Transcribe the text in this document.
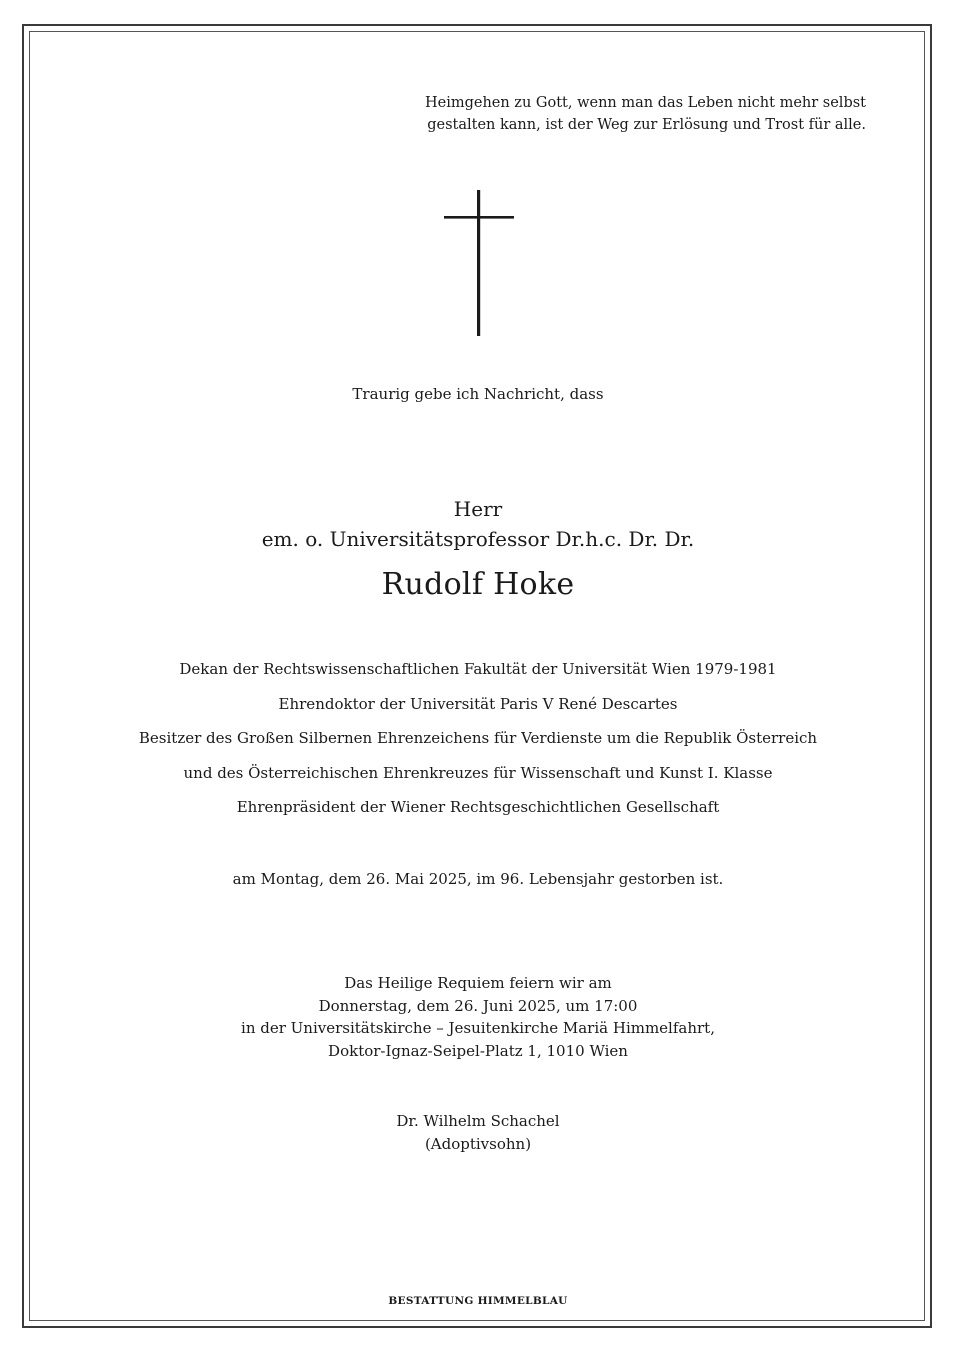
Heimgehen zu Gott, wenn man das Leben nicht mehr selbst
gestalten kann, ist der Weg zur Erlösung und Trost für alle.
Traurig gebe ich Nachricht, dass
Herr
em. o. Universitätsprofessor Dr.h.c. Dr. Dr.
Rudolf Hoke
Dekan der Rechtswissenschaftlichen Fakultät der Universität Wien 1979-1981
Ehrendoktor der Universität Paris V René Descartes
Besitzer des Großen Silbernen Ehrenzeichens für Verdienste um die Republik Österreich
und des Österreichischen Ehrenkreuzes für Wissenschaft und Kunst I. Klasse
Ehrenpräsident der Wiener Rechtsgeschichtlichen Gesellschaft
am Montag, dem 26. Mai 2025, im 96. Lebensjahr gestorben ist.
Das Heilige Requiem feiern wir am
Donnerstag, dem 26. Juni 2025, um 17:00
in der Universitätskirche – Jesuitenkirche Mariä Himmelfahrt,
Doktor-Ignaz-Seipel-Platz 1, 1010 Wien
Dr. Wilhelm Schachel
(Adoptivsohn)
BESTATTUNG HIMMELBLAU
